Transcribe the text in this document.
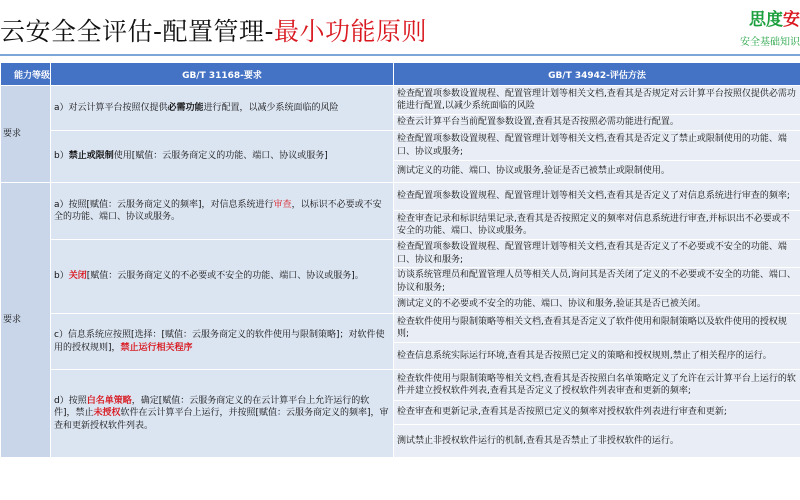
云安全全评估-配置管理-最小功能原则	思度安
安全基础知识
能力等级	GB/T 31168-要求	GB/T 34942-评估方法
要求	a）对云计算平台按照仅提供必需功能进行配置，以减少系统面临的风险	检查配置项参数设置规程、配置管理计划等相关文档,查看其是否规定对云计算平台按照仅提供必需功能进行配置,以减少系统面临的风险
		检查云计算平台当前配置参数设置,查看其是否按照必需功能进行配置。
	b）禁止或限制使用[赋值：云服务商定义的功能、端口、协议或服务]	检查配置项参数设置规程、配置管理计划等相关文档,查看其是否定义了禁止或限制使用的功能、端口、协议或服务;
		测试定义的功能、端口、协议或服务,验证是否已被禁止或限制使用。
要求	a）按照[赋值：云服务商定义的频率]，对信息系统进行审查，以标识不必要或不安全的功能、端口、协议或服务。	检查配置项参数设置规程、配置管理计划等相关文档,查看其是否定义了对信息系统进行审查的频率;
		检查审查记录和标识结果记录,查看其是否按照定义的频率对信息系统进行审查,并标识出不必要或不安全的功能、端口、协议或服务。
	b）关闭[赋值：云服务商定义的不必要或不安全的功能、端口、协议或服务]。	检查配置项参数设置规程、配置管理计划等相关文档,查看其是否定义了不必要或不安全的功能、端口、协议和服务;
		访谈系统管理员和配置管理人员等相关人员,询问其是否关闭了定义的不必要或不安全的功能、端口、协议和服务;
		测试定义的不必要或不安全的功能、端口、协议和服务,验证其是否已被关闭。
	c）信息系统应按照[选择：[赋值：云服务商定义的软件使用与限制策略]；对软件使用的授权规则]，禁止运行相关程序	检查软件使用与限制策略等相关文档,查看其是否定义了软件使用和限制策略以及软件使用的授权规则;
		检查信息系统实际运行环境,查看其是否按照已定义的策略和授权规则,禁止了相关程序的运行。
	d）按照白名单策略，确定[赋值：云服务商定义的在云计算平台上允许运行的软件]，禁止未授权软件在云计算平台上运行，并按照[赋值：云服务商定义的频率]，审查和更新授权软件列表。	检查软件使用与限制策略等相关文档,查看其是否按照白名单策略定义了允许在云计算平台上运行的软件并建立授权软件列表,查看其是否定义了授权软件列表审查和更新的频率;
		检查审查和更新记录,查看其是否按照已定义的频率对授权软件列表进行审查和更新;
		测试禁止非授权软件运行的机制,查看其是否禁止了非授权软件的运行。
